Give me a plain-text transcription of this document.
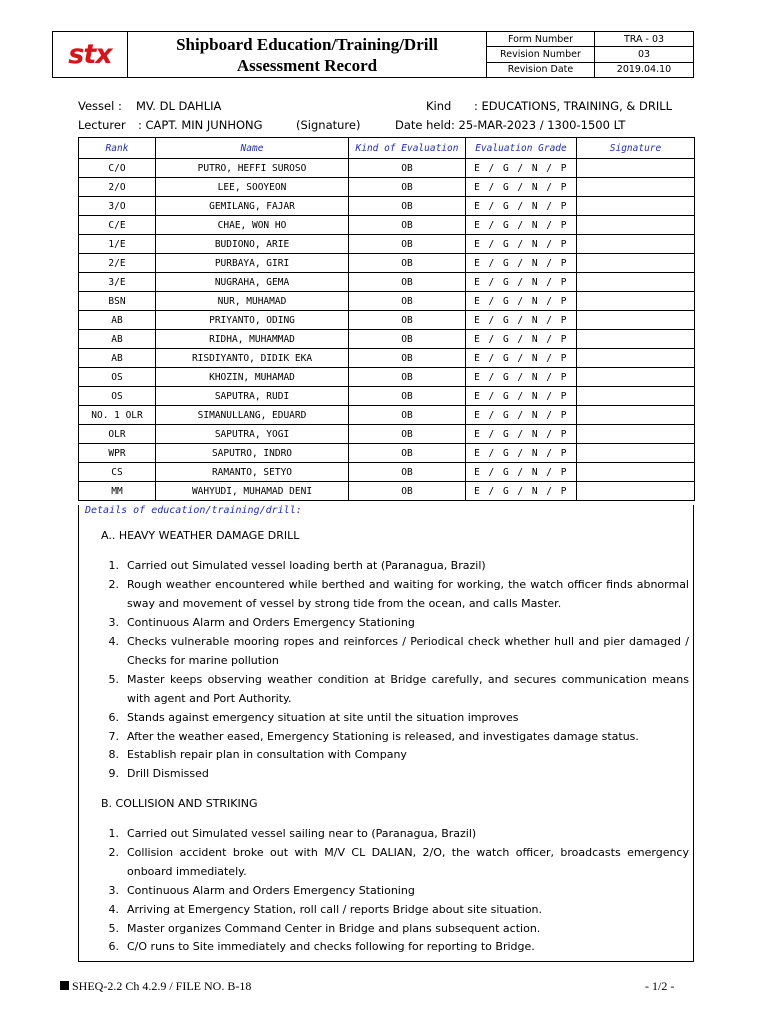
stx	Shipboard Education/Training/Drill
Assessment Record
Form Number	TRA - 03
Revision Number	03
Revision Date	2019.04.10
Vessel : MV. DL DAHLIA	Kind : EDUCATIONS, TRAINING, & DRILL
Lecturer : CAPT. MIN JUNHONG	(Signature)	Date held : 25-MAR-2023 / 1300-1500 LT
Rank	Name	Kind of Evaluation	Evaluation Grade	Signature
C/O	PUTRO, HEFFI SUROSO	OB	E / G / N / P	
2/O	LEE, SOOYEON	OB	E / G / N / P	
3/O	GEMILANG, FAJAR	OB	E / G / N / P	
C/E	CHAE, WON HO	OB	E / G / N / P	
1/E	BUDIONO, ARIE	OB	E / G / N / P	
2/E	PURBAYA, GIRI	OB	E / G / N / P	
3/E	NUGRAHA, GEMA	OB	E / G / N / P	
BSN	NUR, MUHAMAD	OB	E / G / N / P	
AB	PRIYANTO, ODING	OB	E / G / N / P	
AB	RIDHA, MUHAMMAD	OB	E / G / N / P	
AB	RISDIYANTO, DIDIK EKA	OB	E / G / N / P	
OS	KHOZIN, MUHAMAD	OB	E / G / N / P	
OS	SAPUTRA, RUDI	OB	E / G / N / P	
NO. 1 OLR	SIMANULLANG, EDUARD	OB	E / G / N / P	
OLR	SAPUTRA, YOGI	OB	E / G / N / P	
WPR	SAPUTRO, INDRO	OB	E / G / N / P	
CS	RAMANTO, SETYO	OB	E / G / N / P	
MM	WAHYUDI, MUHAMAD DENI	OB	E / G / N / P	
Details of education/training/drill:
A.. HEAVY WEATHER DAMAGE DRILL
1. Carried out Simulated vessel loading berth at (Paranagua, Brazil)
2. Rough weather encountered while berthed and waiting for working, the watch officer finds abnormal sway and movement of vessel by strong tide from the ocean, and calls Master.
3. Continuous Alarm and Orders Emergency Stationing
4. Checks vulnerable mooring ropes and reinforces / Periodical check whether hull and pier damaged / Checks for marine pollution
5. Master keeps observing weather condition at Bridge carefully, and secures communication means with agent and Port Authority.
6. Stands against emergency situation at site until the situation improves
7. After the weather eased, Emergency Stationing is released, and investigates damage status.
8. Establish repair plan in consultation with Company
9. Drill Dismissed
B. COLLISION AND STRIKING
1. Carried out Simulated vessel sailing near to (Paranagua, Brazil)
2. Collision accident broke out with M/V CL DALIAN, 2/O, the watch officer, broadcasts emergency onboard immediately.
3. Continuous Alarm and Orders Emergency Stationing
4. Arriving at Emergency Station, roll call / reports Bridge about site situation.
5. Master organizes Command Center in Bridge and plans subsequent action.
6. C/O runs to Site immediately and checks following for reporting to Bridge.
SHEQ-2.2 Ch 4.2.9 / FILE NO. B-18	- 1/2 -
